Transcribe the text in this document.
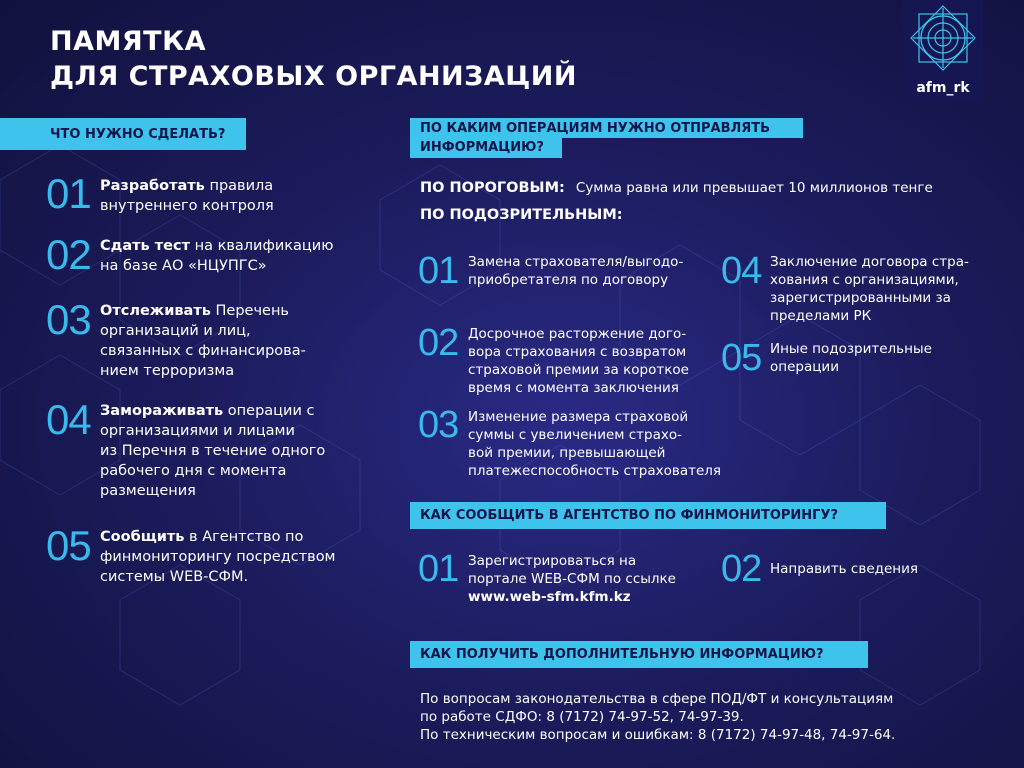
ПАМЯТКА
ДЛЯ СТРАХОВЫХ ОРГАНИЗАЦИЙ	afm_rk
ЧТО НУЖНО СДЕЛАТЬ?
01 Разработать правила
внутреннего контроля
02 Сдать тест на квалификацию
на базе АО «НЦУПГС»
03 Отслеживать Перечень
организаций и лиц,
связанных с финансирова-
нием терроризма
04 Замораживать операции с
организациями и лицами
из Перечня в течение одного
рабочего дня с момента
размещения
05 Сообщить в Агентство по
финмониторингу посредством
системы WEB-СФМ.
ПО КАКИМ ОПЕРАЦИЯМ НУЖНО ОТПРАВЛЯТЬ
ИНФОРМАЦИЮ?
ПО ПОРОГОВЫМ: Сумма равна или превышает 10 миллионов тенге
ПО ПОДОЗРИТЕЛЬНЫМ:
01 Замена страхователя/выгодо-
приобретателя по договору
02 Досрочное расторжение дого-
вора страхования с возвратом
страховой премии за короткое
время с момента заключения
03 Изменение размера страховой
суммы с увеличением страхо-
вой премии, превышающей
платежеспособность страхователя
04 Заключение договора стра-
хования с организациями,
зарегистрированными за
пределами РК
05 Иные подозрительные
операции
КАК СООБЩИТЬ В АГЕНТСТВО ПО ФИНМОНИТОРИНГУ?
01 Зарегистрироваться на
портале WEB-СФМ по ссылке
www.web-sfm.kfm.kz
02 Направить сведения
КАК ПОЛУЧИТЬ ДОПОЛНИТЕЛЬНУЮ ИНФОРМАЦИЮ?
По вопросам законодательства в сфере ПОД/ФТ и консультациям
по работе СДФО: 8 (7172) 74-97-52, 74-97-39.
По техническим вопросам и ошибкам: 8 (7172) 74-97-48, 74-97-64.
